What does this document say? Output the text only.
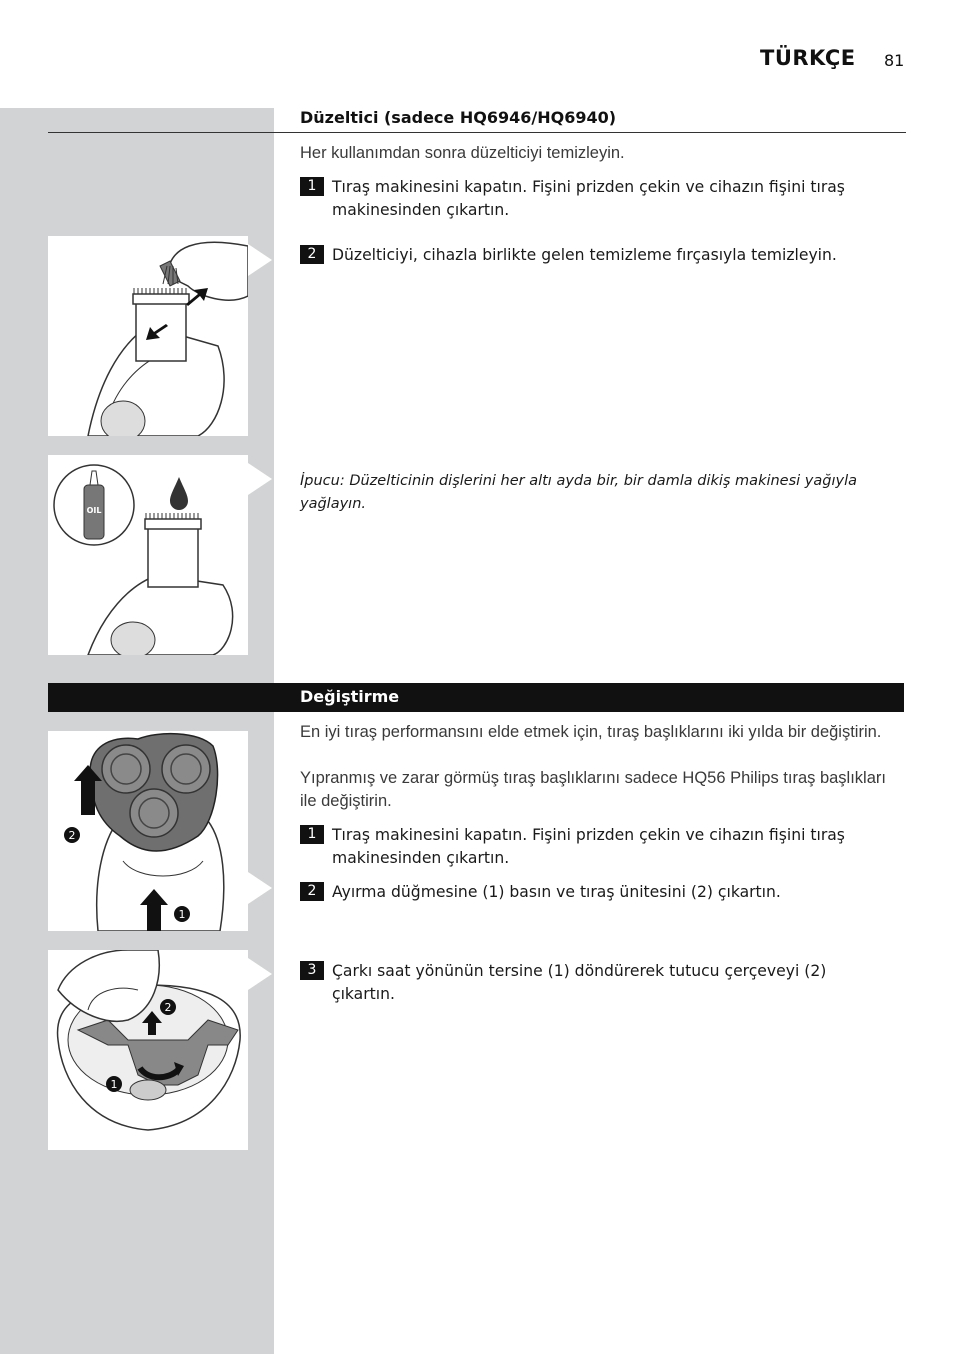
TÜRKÇE 81
Düzeltici (sadece HQ6946/HQ6940)
Her kullanımdan sonra düzelticiyi temizleyin.
1 Tıraş makinesini kapatın. Fişini prizden çekin ve cihazın fişini tıraş makinesinden çıkartın.
2 Düzelticiyi, cihazla birlikte gelen temizleme fırçasıyla temizleyin.
İpucu: Düzelticinin dişlerini her altı ayda bir, bir damla dikiş makinesi yağıyla yağlayın.
OIL
Değiştirme
En iyi tıraş performansını elde etmek için, tıraş başlıklarını iki yılda bir değiştirin.
Yıpranmış ve zarar görmüş tıraş başlıklarını sadece HQ56 Philips tıraş başlıkları ile değiştirin.
1 Tıraş makinesini kapatın. Fişini prizden çekin ve cihazın fişini tıraş makinesinden çıkartın.
2 Ayırma düğmesine (1) basın ve tıraş ünitesini (2) çıkartın.
3 Çarkı saat yönünün tersine (1) döndürerek tutucu çerçeveyi (2) çıkartın.
2
1
2
1
